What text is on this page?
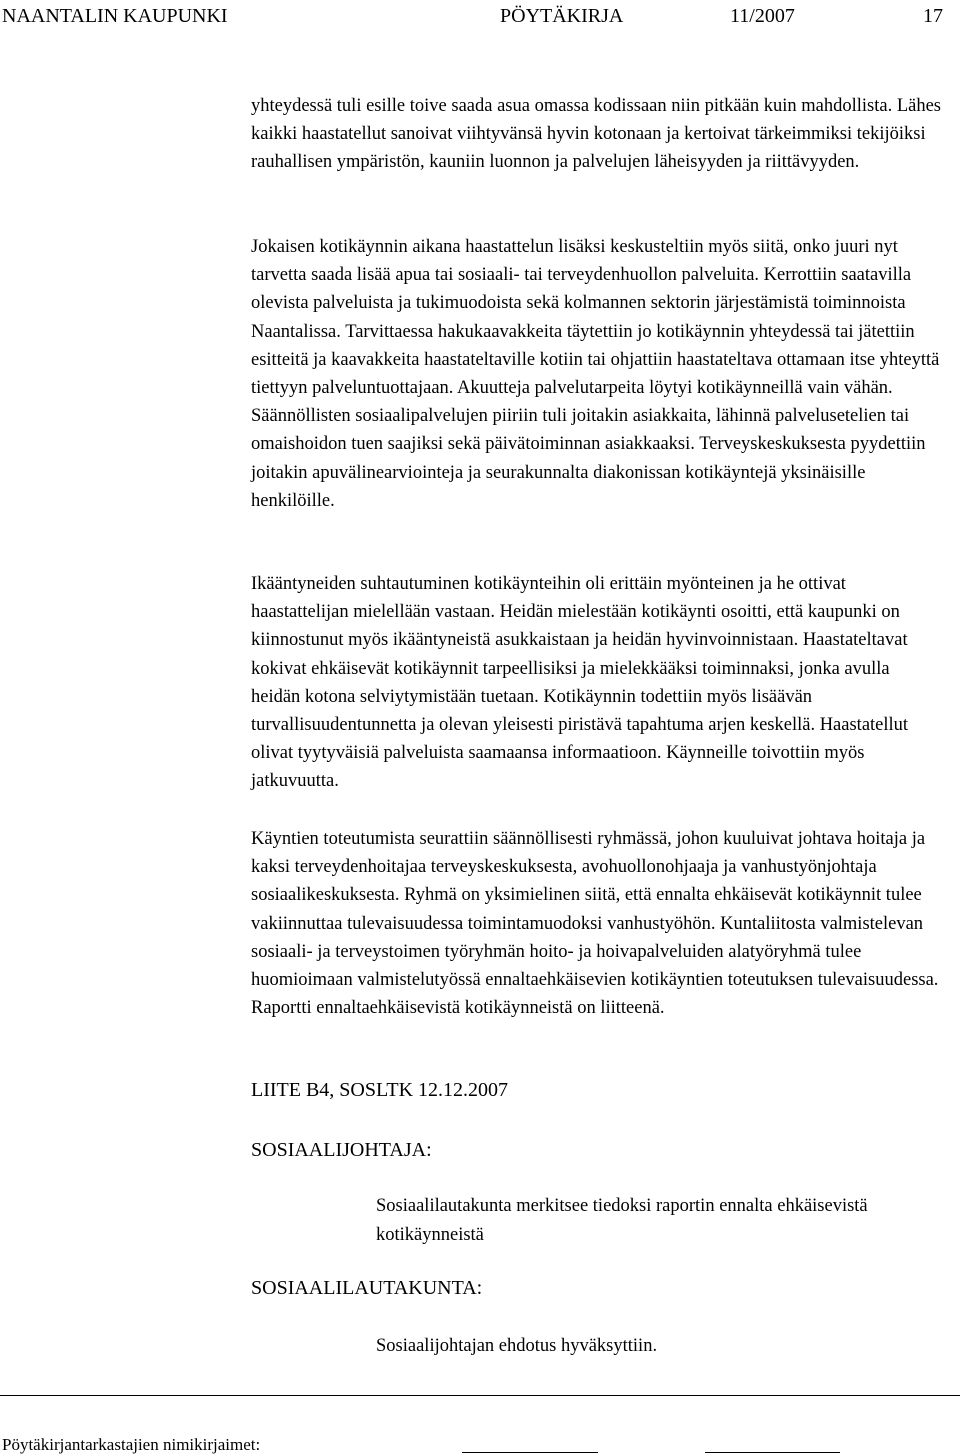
NAANTALIN KAUPUNKI	PÖYTÄKIRJA	11/2007	17

yhteydessä tuli esille toive saada asua omassa kodissaan niin pitkään kuin mahdollista. Lähes kaikki haastatellut sanoivat viihtyvänsä hyvin kotonaan ja kertoivat tärkeimmiksi tekijöiksi rauhallisen ympäristön, kauniin luonnon ja palvelujen läheisyyden ja riittävyyden.

Jokaisen kotikäynnin aikana haastattelun lisäksi keskusteltiin myös siitä, onko juuri nyt tarvetta saada lisää apua tai sosiaali- tai terveydenhuollon palveluita. Kerrottiin saatavilla olevista palveluista ja tukimuodoista sekä kolmannen sektorin järjestämistä toiminnoista Naantalissa. Tarvittaessa hakukaavakkeita täytettiin jo kotikäynnin yhteydessä tai jätettiin esitteitä ja kaavakkeita haastateltaville kotiin tai ohjattiin haastateltava ottamaan itse yhteyttä tiettyyn palveluntuottajaan. Akuutteja palvelutarpeita löytyi kotikäynneillä vain vähän. Säännöllisten sosiaalipalvelujen piiriin tuli joitakin asiakkaita, lähinnä palvelusetelien tai omaishoidon tuen saajiksi sekä päivätoiminnan asiakkaaksi. Terveyskeskuksesta pyydettiin joitakin apuvälinearviointeja ja seurakunnalta diakonissan kotikäyntejä yksinäisille henkilöille.

Ikääntyneiden suhtautuminen kotikäynteihin oli erittäin myönteinen ja he ottivat haastattelijan mielellään vastaan. Heidän mielestään kotikäynti osoitti, että kaupunki on kiinnostunut myös ikääntyneistä asukkaistaan ja heidän hyvinvoinnistaan. Haastateltavat kokivat ehkäisevät kotikäynnit tarpeellisiksi ja mielekkääksi toiminnaksi, jonka avulla heidän kotona selviytymistään tuetaan. Kotikäynnin todettiin myös lisäävän turvallisuudentunnetta ja olevan yleisesti piristävä tapahtuma arjen keskellä. Haastatellut olivat tyytyväisiä palveluista saamaansa informaatioon. Käynneille toivottiin myös jatkuvuutta.

Käyntien toteutumista seurattiin säännöllisesti ryhmässä, johon kuuluivat johtava hoitaja ja kaksi terveydenhoitajaa terveyskeskuksesta, avohuollonohjaaja ja vanhustyönjohtaja sosiaalikeskuksesta. Ryhmä on yksimielinen siitä, että ennalta ehkäisevät kotikäynnit tulee vakiinnuttaa tulevaisuudessa toimintamuodoksi vanhustyöhön. Kuntaliitosta valmistelevan sosiaali- ja terveystoimen työryhmän hoito- ja hoivapalveluiden alatyöryhmä tulee huomioimaan valmistelutyössä ennaltaehkäisevien kotikäyntien toteutuksen tulevaisuudessa. Raportti ennaltaehkäisevistä kotikäynneistä on liitteenä.

LIITE B4, SOSLTK 12.12.2007
SOSIAALIJOHTAJA:

Sosiaalilautakunta merkitsee tiedoksi raportin ennalta ehkäisevistä kotikäynneistä

SOSIAALILAUTAKUNTA:

Sosiaalijohtajan ehdotus hyväksyttiin.

Pöytäkirjantarkastajien nimikirjaimet:
